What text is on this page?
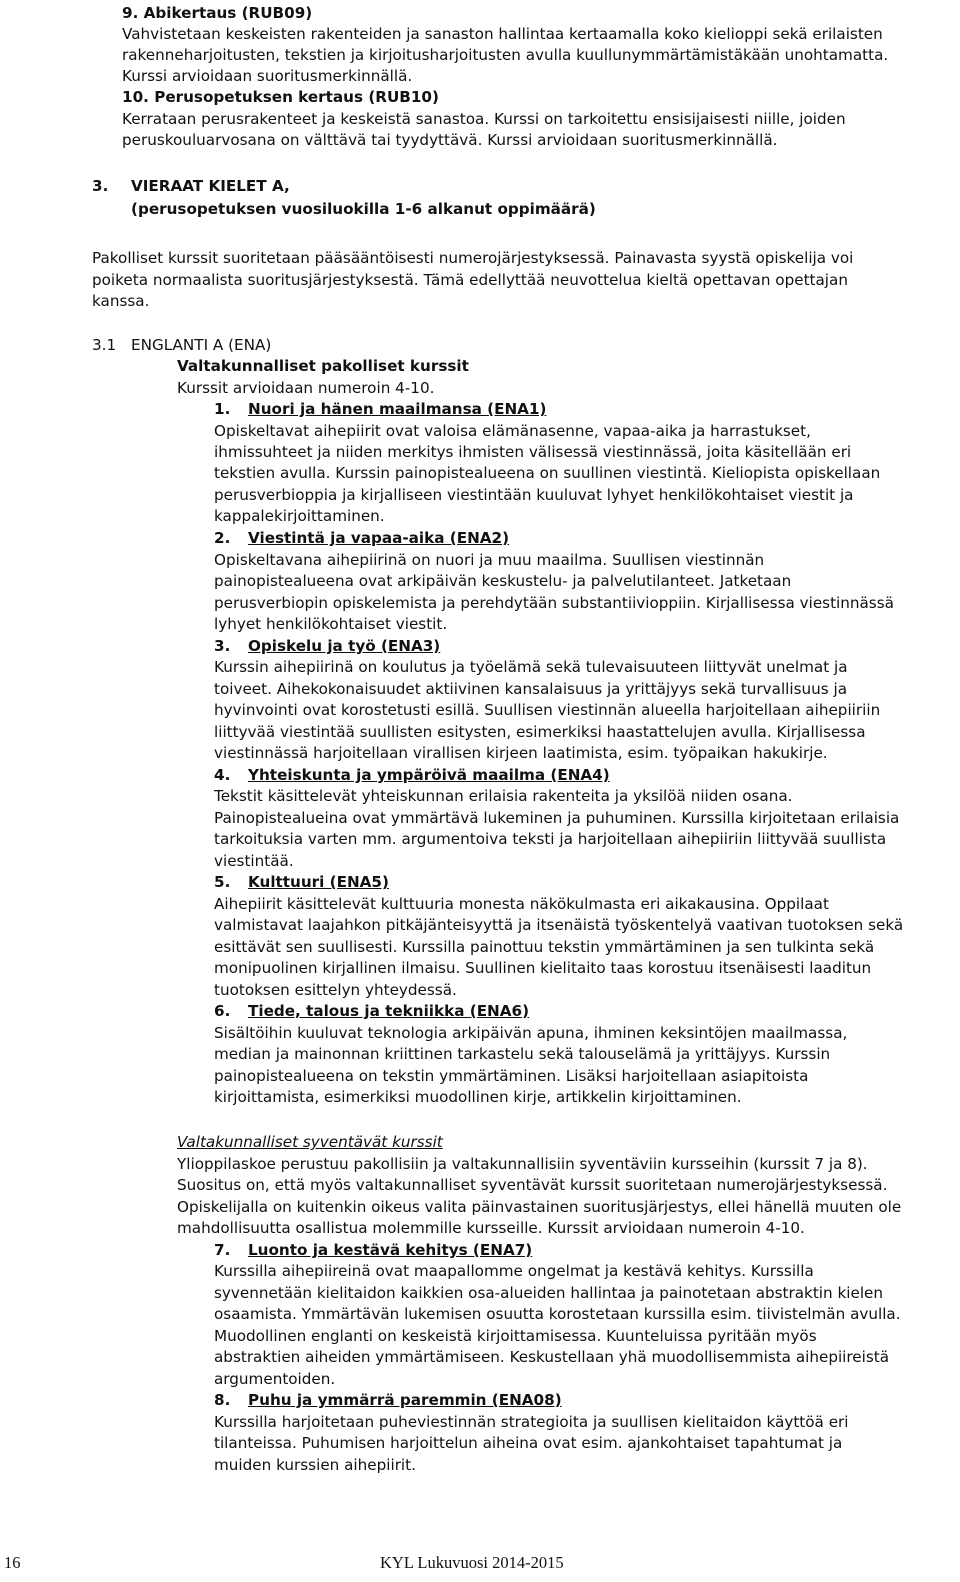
9. Abikertaus (RUB09)
Vahvistetaan keskeisten rakenteiden ja sanaston hallintaa kertaamalla koko kielioppi sekä erilaisten
rakenneharjoitusten, tekstien ja kirjoitusharjoitusten avulla kuullunymmärtämistäkään unohtamatta.
Kurssi arvioidaan suoritusmerkinnällä.
10. Perusopetuksen kertaus (RUB10)
Kerrataan perusrakenteet ja keskeistä sanastoa. Kurssi on tarkoitettu ensisijaisesti niille, joiden
peruskouluarvosana on välttävä tai tyydyttävä. Kurssi arvioidaan suoritusmerkinnällä.
3. VIERAAT KIELET A,
(perusopetuksen vuosiluokilla 1‑6 alkanut oppimäärä)
Pakolliset kurssit suoritetaan pääsääntöisesti numerojärjestyksessä. Painavasta syystä opiskelija voi
poiketa normaalista suoritusjärjestyksestä. Tämä edellyttää neuvottelua kieltä opettavan opettajan
kanssa.
3.1 ENGLANTI A (ENA)
Valtakunnalliset pakolliset kurssit
Kurssit arvioidaan numeroin 4-10.
1. Nuori ja hänen maailmansa (ENA1)
Opiskeltavat aihepiirit ovat valoisa elämänasenne, vapaa-aika ja harrastukset,
ihmissuhteet ja niiden merkitys ihmisten välisessä viestinnässä, joita käsitellään eri
tekstien avulla. Kurssin painopistealueena on suullinen viestintä. Kieliopista opiskellaan
perusverbioppia ja kirjalliseen viestintään kuuluvat lyhyet henkilökohtaiset viestit ja
kappalekirjoittaminen.
2. Viestintä ja vapaa-aika (ENA2)
Opiskeltavana aihepiirinä on nuori ja muu maailma. Suullisen viestinnän
painopistealueena ovat arkipäivän keskustelu- ja palvelutilanteet. Jatketaan
perusverbiopin opiskelemista ja perehdytään substantiivioppiin. Kirjallisessa viestinnässä
lyhyet henkilökohtaiset viestit.
3. Opiskelu ja työ (ENA3)
Kurssin aihepiirinä on koulutus ja työelämä sekä tulevaisuuteen liittyvät unelmat ja
toiveet. Aihekokonaisuudet aktiivinen kansalaisuus ja yrittäjyys sekä turvallisuus ja
hyvinvointi ovat korostetusti esillä. Suullisen viestinnän alueella harjoitellaan aihepiiriin
liittyvää viestintää suullisten esitysten, esimerkiksi haastattelujen avulla. Kirjallisessa
viestinnässä harjoitellaan virallisen kirjeen laatimista, esim. työpaikan hakukirje.
4. Yhteiskunta ja ympäröivä maailma (ENA4)
Tekstit käsittelevät yhteiskunnan erilaisia rakenteita ja yksilöä niiden osana.
Painopistealueina ovat ymmärtävä lukeminen ja puhuminen. Kurssilla kirjoitetaan erilaisia
tarkoituksia varten mm. argumentoiva teksti ja harjoitellaan aihepiiriin liittyvää suullista
viestintää.
5. Kulttuuri (ENA5)
Aihepiirit käsittelevät kulttuuria monesta näkökulmasta eri aikakausina. Oppilaat
valmistavat laajahkon pitkäjänteisyyttä ja itsenäistä työskentelyä vaativan tuotoksen sekä
esittävät sen suullisesti. Kurssilla painottuu tekstin ymmärtäminen ja sen tulkinta sekä
monipuolinen kirjallinen ilmaisu. Suullinen kielitaito taas korostuu itsenäisesti laaditun
tuotoksen esittelyn yhteydessä.
6. Tiede, talous ja tekniikka (ENA6)
Sisältöihin kuuluvat teknologia arkipäivän apuna, ihminen keksintöjen maailmassa,
median ja mainonnan kriittinen tarkastelu sekä talouselämä ja yrittäjyys. Kurssin
painopistealueena on tekstin ymmärtäminen. Lisäksi harjoitellaan asiapitoista
kirjoittamista, esimerkiksi muodollinen kirje, artikkelin kirjoittaminen.
Valtakunnalliset syventävät kurssit
Ylioppilaskoe perustuu pakollisiin ja valtakunnallisiin syventäviin kursseihin (kurssit 7 ja 8).
Suositus on, että myös valtakunnalliset syventävät kurssit suoritetaan numerojärjestyksessä.
Opiskelijalla on kuitenkin oikeus valita päinvastainen suoritusjärjestys, ellei hänellä muuten ole
mahdollisuutta osallistua molemmille kursseille. Kurssit arvioidaan numeroin 4-10.
7. Luonto ja kestävä kehitys (ENA7)
Kurssilla aihepiireinä ovat maapallomme ongelmat ja kestävä kehitys. Kurssilla
syvennetään kielitaidon kaikkien osa-alueiden hallintaa ja painotetaan abstraktin kielen
osaamista. Ymmärtävän lukemisen osuutta korostetaan kurssilla esim. tiivistelmän avulla.
Muodollinen englanti on keskeistä kirjoittamisessa. Kuunteluissa pyritään myös
abstraktien aiheiden ymmärtämiseen. Keskustellaan yhä muodollisemmista aihepiireistä
argumentoiden.
8. Puhu ja ymmärrä paremmin (ENA08)
Kurssilla harjoitetaan puheviestinnän strategioita ja suullisen kielitaidon käyttöä eri
tilanteissa. Puhumisen harjoittelun aiheina ovat esim. ajankohtaiset tapahtumat ja
muiden kurssien aihepiirit.
16	KYL Lukuvuosi 2014-2015
